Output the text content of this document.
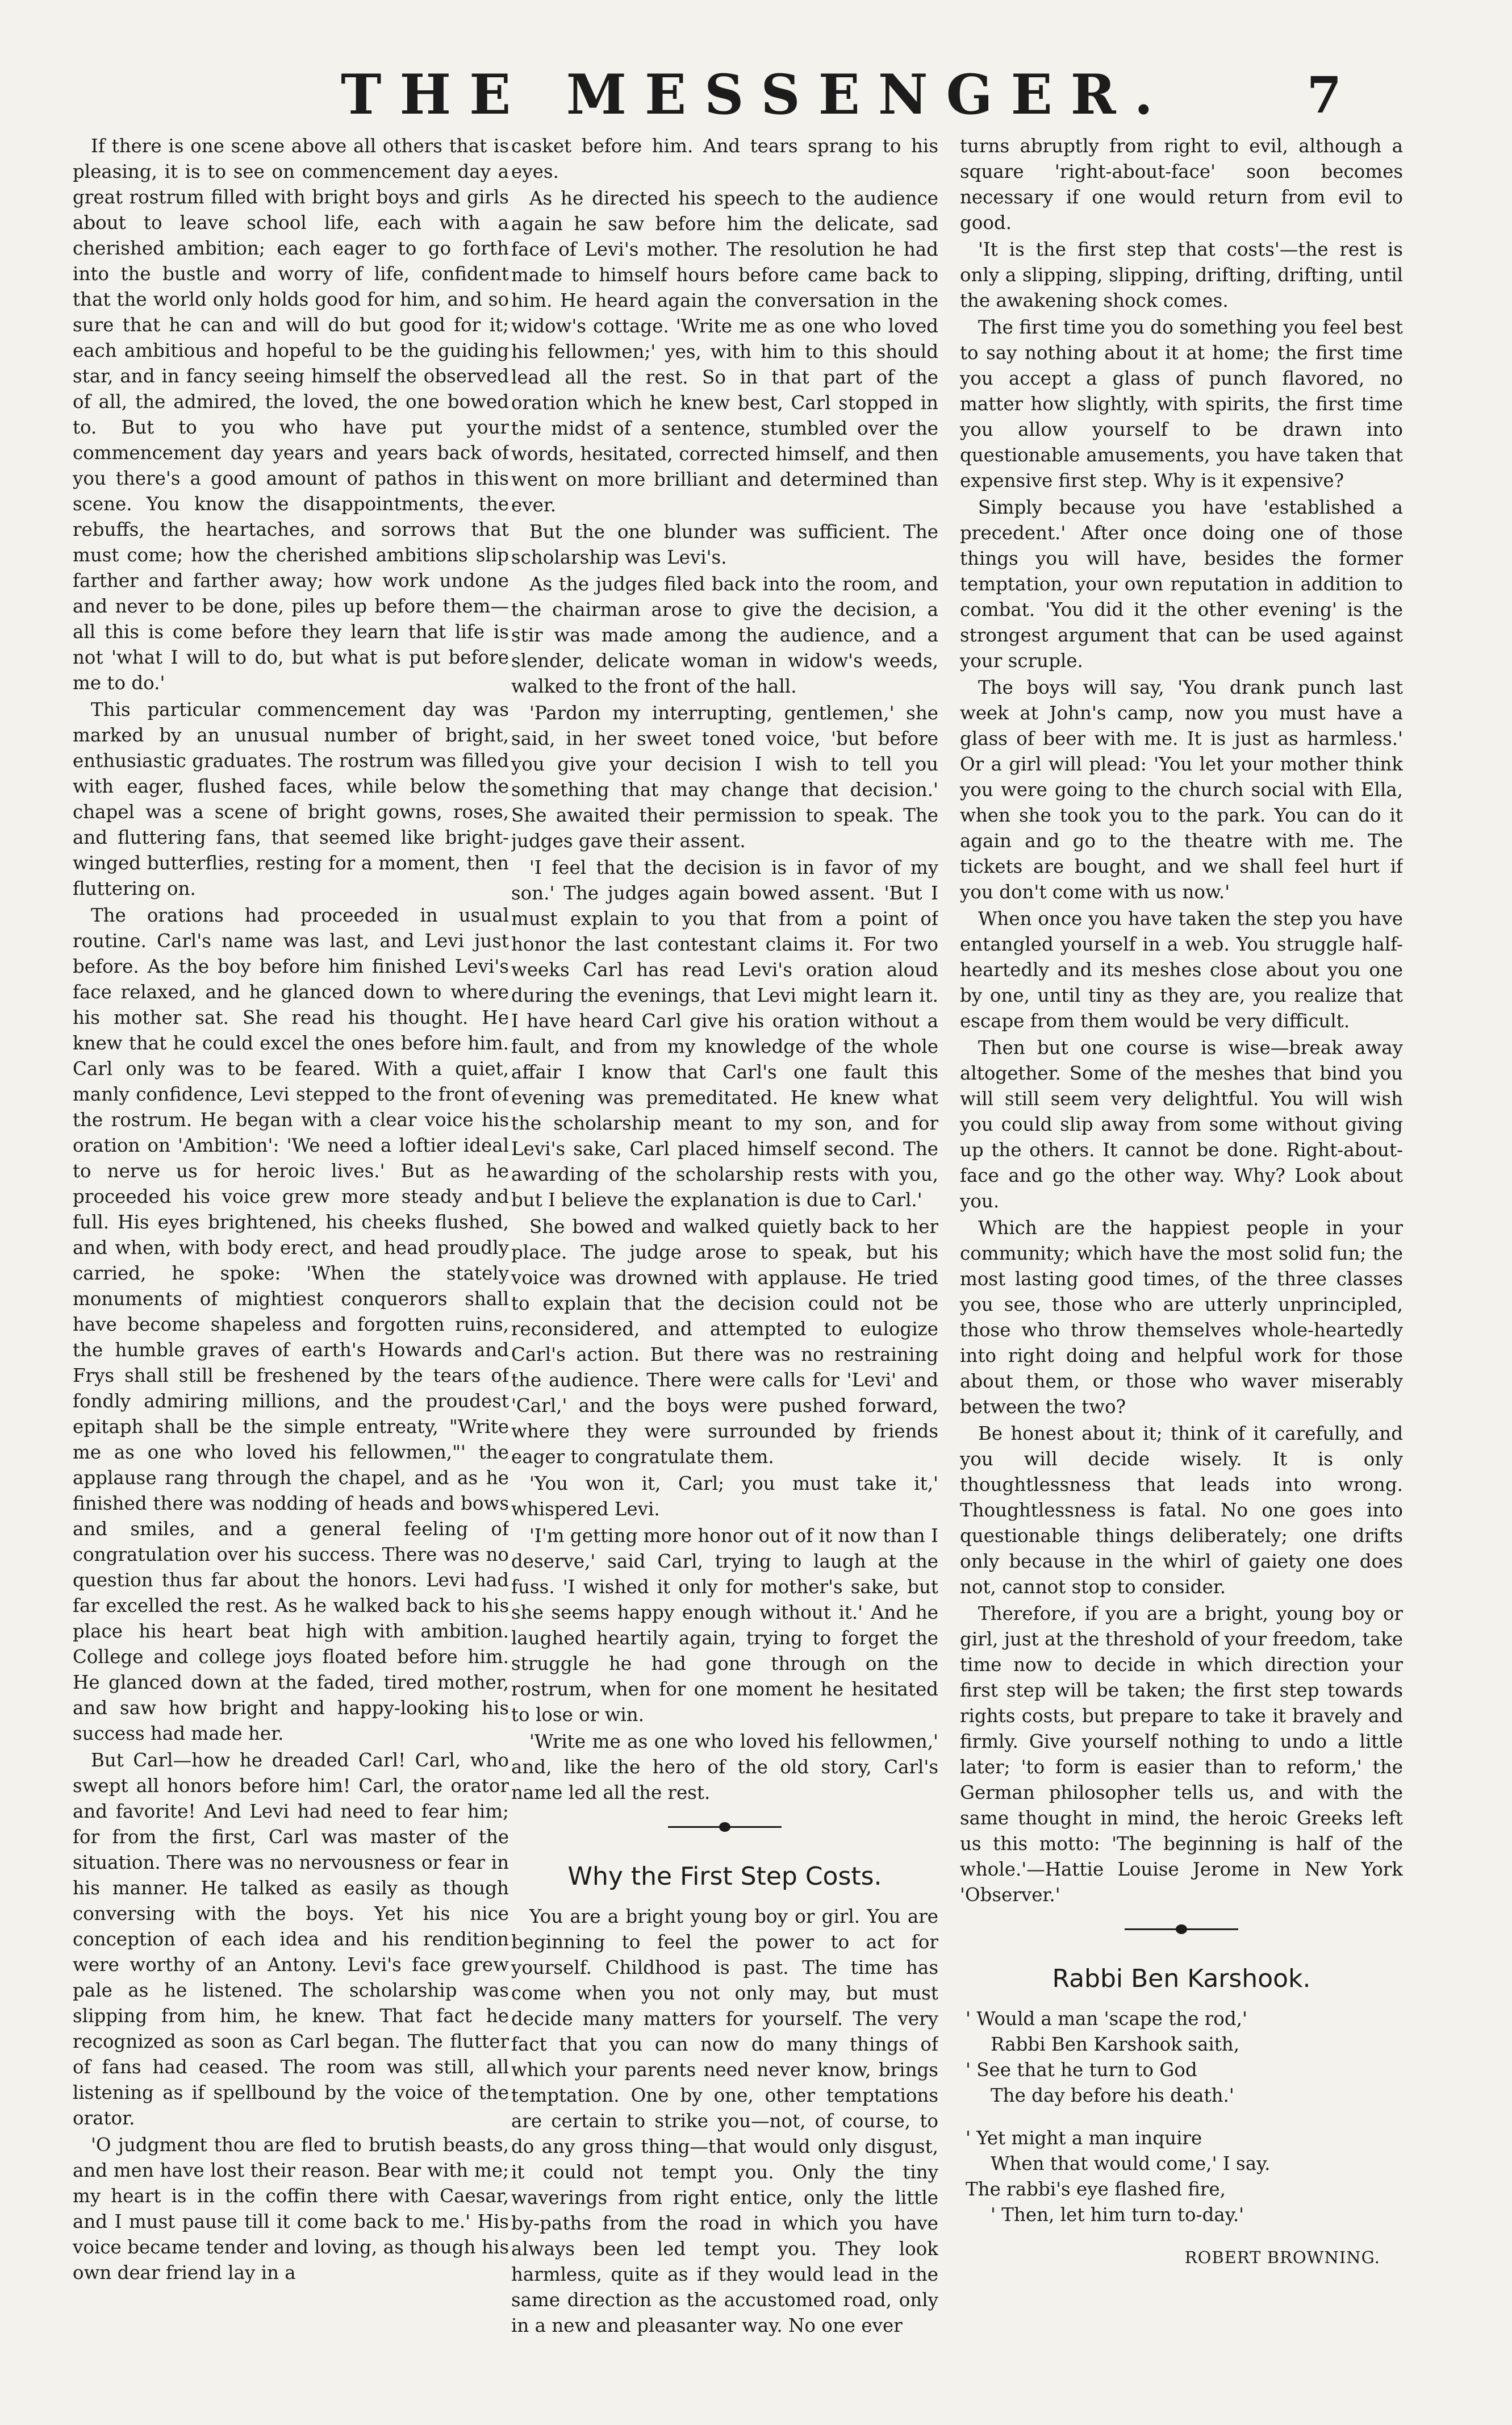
THE MESSENGER.	7

If there is one scene above all others that is pleasing, it is to see on commencement day a great rostrum filled with bright boys and girls about to leave school life, each with a cherished ambition; each eager to go forth into the bustle and worry of life, confident that the world only holds good for him, and so sure that he can and will do but good for it; each ambitious and hopeful to be the guiding star, and in fancy seeing himself the observed of all, the admired, the loved, the one bowed to. But to you who have put your commencement day years and years back of you there's a good amount of pathos in this scene. You know the disappointments, the rebuffs, the heartaches, and sorrows that must come; how the cherished ambitions slip farther and farther away; how work undone and never to be done, piles up before them—all this is come before they learn that life is not 'what I will to do, but what is put before me to do.'

This particular commencement day was marked by an unusual number of bright, enthusiastic graduates. The rostrum was filled with eager, flushed faces, while below the chapel was a scene of bright gowns, roses, and fluttering fans, that seemed like bright-winged butterflies, resting for a moment, then fluttering on.

The orations had proceeded in usual routine. Carl's name was last, and Levi just before. As the boy before him finished Levi's face relaxed, and he glanced down to where his mother sat. She read his thought. He knew that he could excel the ones before him. Carl only was to be feared. With a quiet, manly confidence, Levi stepped to the front of the rostrum. He began with a clear voice his oration on 'Ambition': 'We need a loftier ideal to nerve us for heroic lives.' But as he proceeded his voice grew more steady and full. His eyes brightened, his cheeks flushed, and when, with body erect, and head proudly carried, he spoke: 'When the stately monuments of mightiest conquerors shall have become shapeless and forgotten ruins, the humble graves of earth's Howards and Frys shall still be freshened by the tears of fondly admiring millions, and the proudest epitaph shall be the simple entreaty, "Write me as one who loved his fellowmen,"' the applause rang through the chapel, and as he finished there was nodding of heads and bows and smiles, and a general feeling of congratulation over his success. There was no question thus far about the honors. Levi had far excelled the rest. As he walked back to his place his heart beat high with ambition. College and college joys floated before him. He glanced down at the faded, tired mother, and saw how bright and happy-looking his success had made her.

But Carl—how he dreaded Carl! Carl, who swept all honors before him! Carl, the orator and favorite! And Levi had need to fear him; for from the first, Carl was master of the situation. There was no nervousness or fear in his manner. He talked as easily as though conversing with the boys. Yet his nice conception of each idea and his rendition were worthy of an Antony. Levi's face grew pale as he listened. The scholarship was slipping from him, he knew. That fact he recognized as soon as Carl began. The flutter of fans had ceased. The room was still, all listening as if spellbound by the voice of the orator.

'O judgment thou are fled to brutish beasts, and men have lost their reason. Bear with me; my heart is in the coffin there with Caesar, and I must pause till it come back to me.' His voice became tender and loving, as though his own dear friend lay in a

casket before him. And tears sprang to his eyes.

As he directed his speech to the audience again he saw before him the delicate, sad face of Levi's mother. The resolution he had made to himself hours before came back to him. He heard again the conversation in the widow's cottage. 'Write me as one who loved his fellowmen;' yes, with him to this should lead all the rest. So in that part of the oration which he knew best, Carl stopped in the midst of a sentence, stumbled over the words, hesitated, corrected himself, and then went on more brilliant and determined than ever.

But the one blunder was sufficient. The scholarship was Levi's.

As the judges filed back into the room, and the chairman arose to give the decision, a stir was made among the audience, and a slender, delicate woman in widow's weeds, walked to the front of the hall.

'Pardon my interrupting, gentlemen,' she said, in her sweet toned voice, 'but before you give your decision I wish to tell you something that may change that decision.' She awaited their permission to speak. The judges gave their assent.

'I feel that the decision is in favor of my son.' The judges again bowed assent. 'But I must explain to you that from a point of honor the last contestant claims it. For two weeks Carl has read Levi's oration aloud during the evenings, that Levi might learn it. I have heard Carl give his oration without a fault, and from my knowledge of the whole affair I know that Carl's one fault this evening was premeditated. He knew what the scholarship meant to my son, and for Levi's sake, Carl placed himself second. The awarding of the scholarship rests with you, but I believe the explanation is due to Carl.'

She bowed and walked quietly back to her place. The judge arose to speak, but his voice was drowned with applause. He tried to explain that the decision could not be reconsidered, and attempted to eulogize Carl's action. But there was no restraining the audience. There were calls for 'Levi' and 'Carl,' and the boys were pushed forward, where they were surrounded by friends eager to congratulate them.

'You won it, Carl; you must take it,' whispered Levi.

'I'm getting more honor out of it now than I deserve,' said Carl, trying to laugh at the fuss. 'I wished it only for mother's sake, but she seems happy enough without it.' And he laughed heartily again, trying to forget the struggle he had gone through on the rostrum, when for one moment he hesitated to lose or win.

'Write me as one who loved his fellowmen,' and, like the hero of the old story, Carl's name led all the rest.

Why the First Step Costs.

You are a bright young boy or girl. You are beginning to feel the power to act for yourself. Childhood is past. The time has come when you not only may, but must decide many matters for yourself. The very fact that you can now do many things of which your parents need never know, brings temptation. One by one, other temptations are certain to strike you—not, of course, to do any gross thing—that would only disgust, it could not tempt you. Only the tiny waverings from right entice, only the little by-paths from the road in which you have always been led tempt you. They look harmless, quite as if they would lead in the same direction as the accustomed road, only in a new and pleasanter way. No one ever

turns abruptly from right to evil, although a square 'right-about-face' soon becomes necessary if one would return from evil to good.

'It is the first step that costs'—the rest is only a slipping, slipping, drifting, drifting, until the awakening shock comes.

The first time you do something you feel best to say nothing about it at home; the first time you accept a glass of punch flavored, no matter how slightly, with spirits, the first time you allow yourself to be drawn into questionable amusements, you have taken that expensive first step. Why is it expensive?

Simply because you have 'established a precedent.' After once doing one of those things you will have, besides the former temptation, your own reputation in addition to combat. 'You did it the other evening' is the strongest argument that can be used against your scruple.

The boys will say, 'You drank punch last week at John's camp, now you must have a glass of beer with me. It is just as harmless.' Or a girl will plead: 'You let your mother think you were going to the church social with Ella, when she took you to the park. You can do it again and go to the theatre with me. The tickets are bought, and we shall feel hurt if you don't come with us now.'

When once you have taken the step you have entangled yourself in a web. You struggle half-heartedly and its meshes close about you one by one, until tiny as they are, you realize that escape from them would be very difficult.

Then but one course is wise—break away altogether. Some of the meshes that bind you will still seem very delightful. You will wish you could slip away from some without giving up the others. It cannot be done. Right-about-face and go the other way. Why? Look about you.

Which are the happiest people in your community; which have the most solid fun; the most lasting good times, of the three classes you see, those who are utterly unprincipled, those who throw themselves whole-heartedly into right doing and helpful work for those about them, or those who waver miserably between the two?

Be honest about it; think of it carefully, and you will decide wisely. It is only thoughtlessness that leads into wrong. Thoughtlessness is fatal. No one goes into questionable things deliberately; one drifts only because in the whirl of gaiety one does not, cannot stop to consider.

Therefore, if you are a bright, young boy or girl, just at the threshold of your freedom, take time now to decide in which direction your first step will be taken; the first step towards rights costs, but prepare to take it bravely and firmly. Give yourself nothing to undo a little later; 'to form is easier than to reform,' the German philosopher tells us, and with the same thought in mind, the heroic Greeks left us this motto: 'The beginning is half of the whole.'—Hattie Louise Jerome in New York 'Observer.'

Rabbi Ben Karshook.
' Would a man 'scape the rod,'
Rabbi Ben Karshook saith,
' See that he turn to God
The day before his death.'
' Yet might a man inquire
When that would come,' I say.
The rabbi's eye flashed fire,
' Then, let him turn to-day.'
ROBERT BROWNING.
